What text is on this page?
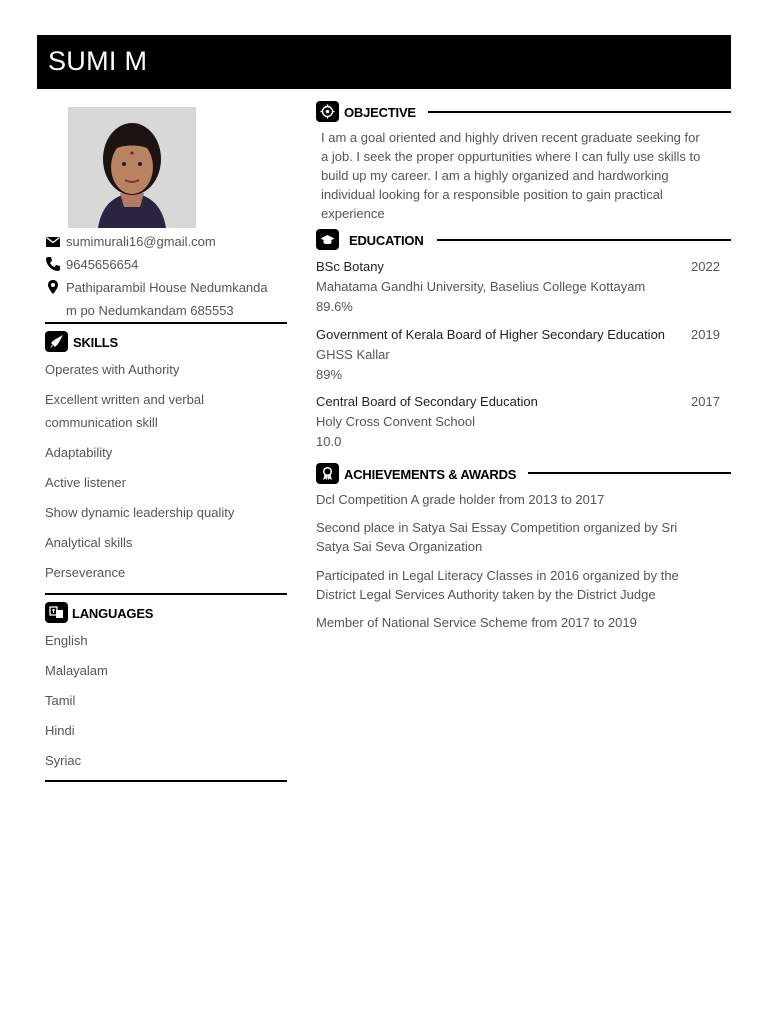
SUMI M
sumimurali16@gmail.com
9645656654
Pathiparambil House Nedumkanda
m po Nedumkandam 685553
SKILLS
Operates with Authority
Excellent written and verbal
communication skill
Adaptability
Active listener
Show dynamic leadership quality
Analytical skills
Perseverance
LANGUAGES
English
Malayalam
Tamil
Hindi
Syriac
OBJECTIVE
I am a goal oriented and highly driven recent graduate seeking for
a job. I seek the proper oppurtunities where I can fully use skills to
build up my career. I am a highly organized and hardworking
individual looking for a responsible position to gain practical
experience
EDUCATION
BSc Botany	2022
Mahatama Gandhi University, Baselius College Kottayam
89.6%
Government of Kerala Board of Higher Secondary Education 2019
GHSS Kallar
89%
Central Board of Secondary Education	2017
Holy Cross Convent School
10.0
ACHIEVEMENTS & AWARDS
Dcl Competition A grade holder from 2013 to 2017
Second place in Satya Sai Essay Competition organized by Sri
Satya Sai Seva Organization
Participated in Legal Literacy Classes in 2016 organized by the
District Legal Services Authority taken by the District Judge
Member of National Service Scheme from 2017 to 2019
